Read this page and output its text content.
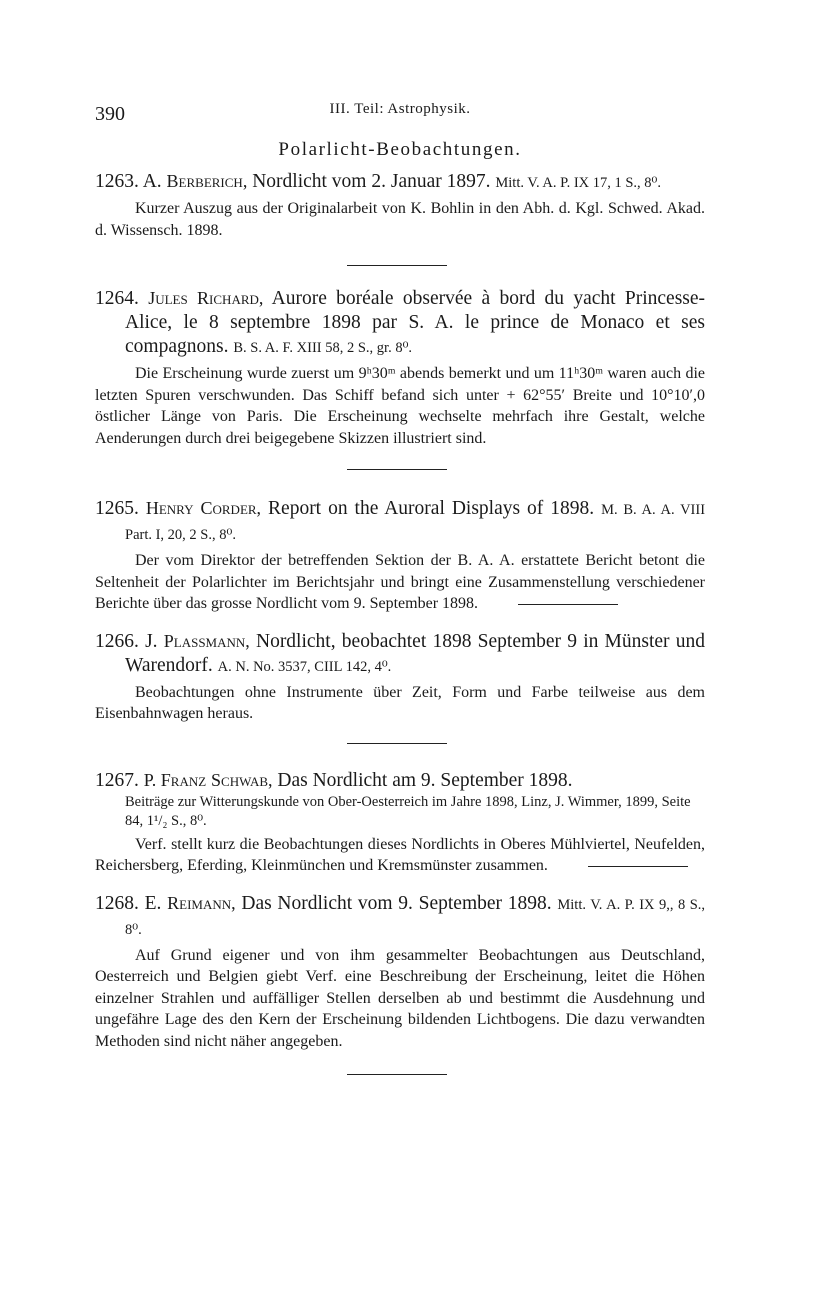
390	III. Teil: Astrophysik.
Polarlicht-Beobachtungen.
1263. A. Berberich, Nordlicht vom 2. Januar 1897. Mitt. V. A. P. IX 17, 1 S., 8⁰.
Kurzer Auszug aus der Originalarbeit von K. Bohlin in den Abh. d. Kgl. Schwed. Akad. d. Wissensch. 1898.
1264. Jules Richard, Aurore boréale observée à bord du yacht Princesse-Alice, le 8 septembre 1898 par S. A. le prince de Monaco et ses compagnons. B. S. A. F. XIII 58, 2 S., gr. 8⁰.
Die Erscheinung wurde zuerst um 9ʰ30ᵐ abends bemerkt und um 11ʰ30ᵐ waren auch die letzten Spuren verschwunden. Das Schiff befand sich unter + 62°55′ Breite und 10°10′,0 östlicher Länge von Paris. Die Erscheinung wechselte mehrfach ihre Gestalt, welche Aenderungen durch drei beigegebene Skizzen illustriert sind.
1265. Henry Corder, Report on the Auroral Displays of 1898. M. B. A. A. VIII Part. I, 20, 2 S., 8⁰.
Der vom Direktor der betreffenden Sektion der B. A. A. erstattete Bericht betont die Seltenheit der Polarlichter im Berichtsjahr und bringt eine Zusammenstellung verschiedener Berichte über das grosse Nordlicht vom 9. September 1898.
1266. J. Plassmann, Nordlicht, beobachtet 1898 September 9 in Münster und Warendorf. A. N. No. 3537, CIIL 142, 4⁰.
Beobachtungen ohne Instrumente über Zeit, Form und Farbe teilweise aus dem Eisenbahnwagen heraus.
1267. P. Franz Schwab, Das Nordlicht am 9. September 1898.
Beiträge zur Witterungskunde von Ober-Oesterreich im Jahre 1898, Linz, J. Wimmer, 1899, Seite 84, 1¹/₂ S., 8⁰.
Verf. stellt kurz die Beobachtungen dieses Nordlichts in Oberes Mühlviertel, Neufelden, Reichersberg, Eferding, Kleinmünchen und Kremsmünster zusammen.
1268. E. Reimann, Das Nordlicht vom 9. September 1898. Mitt. V. A. P. IX 9,, 8 S., 8⁰.
Auf Grund eigener und von ihm gesammelter Beobachtungen aus Deutschland, Oesterreich und Belgien giebt Verf. eine Beschreibung der Erscheinung, leitet die Höhen einzelner Strahlen und auffälliger Stellen derselben ab und bestimmt die Ausdehnung und ungefähre Lage des den Kern der Erscheinung bildenden Lichtbogens. Die dazu verwandten Methoden sind nicht näher angegeben.
